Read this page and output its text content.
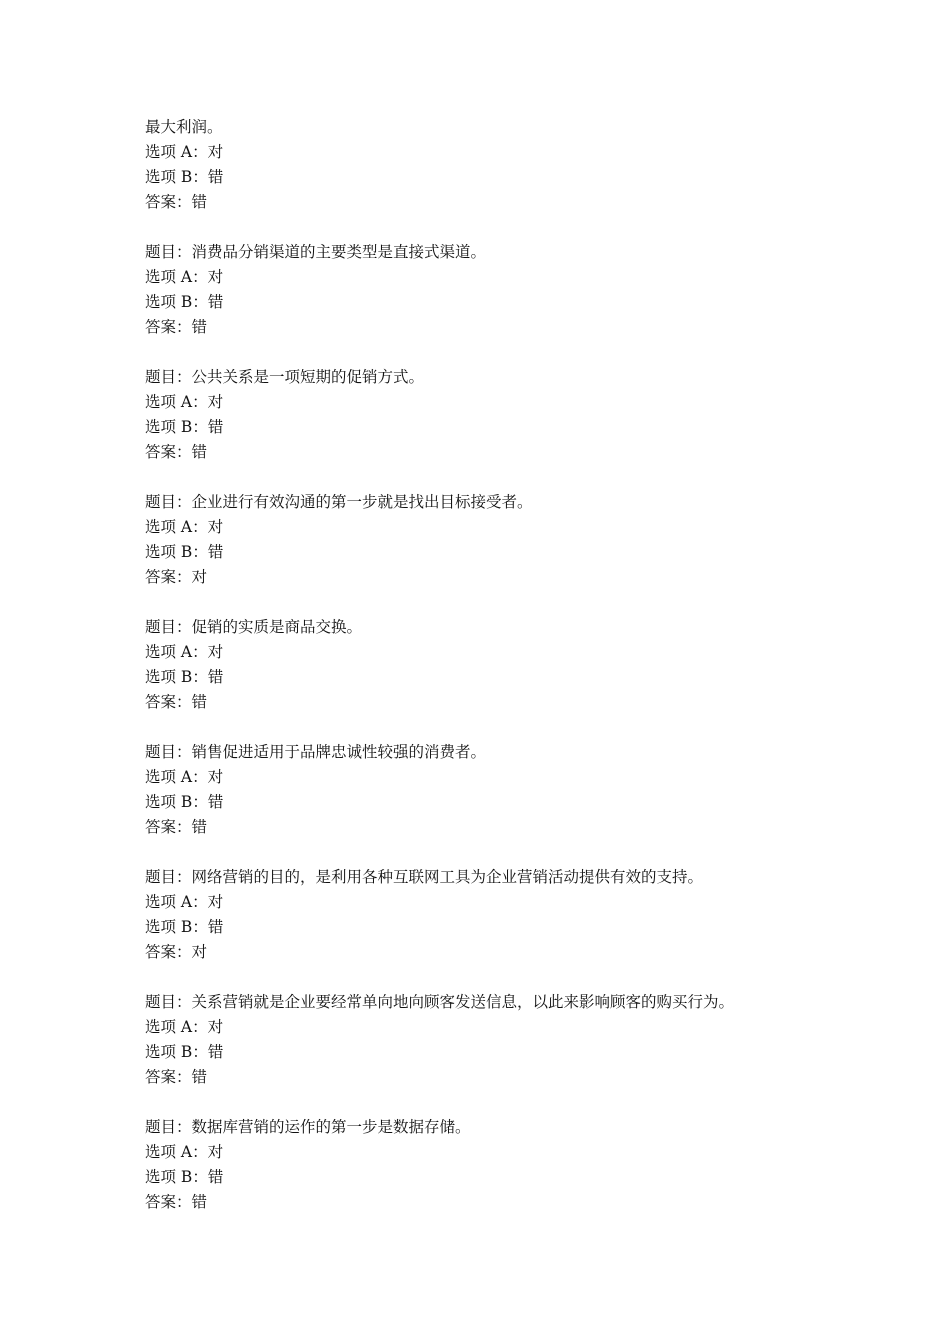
最大利润。
选项 A：对
选项 B：错
答案：错
题目：消费品分销渠道的主要类型是直接式渠道。
选项 A：对
选项 B：错
答案：错
题目：公共关系是一项短期的促销方式。
选项 A：对
选项 B：错
答案：错
题目：企业进行有效沟通的第一步就是找出目标接受者。
选项 A：对
选项 B：错
答案：对
题目：促销的实质是商品交换。
选项 A：对
选项 B：错
答案：错
题目：销售促进适用于品牌忠诚性较强的消费者。
选项 A：对
选项 B：错
答案：错
题目：网络营销的目的，是利用各种互联网工具为企业营销活动提供有效的支持。
选项 A：对
选项 B：错
答案：对
题目：关系营销就是企业要经常单向地向顾客发送信息，以此来影响顾客的购买行为。
选项 A：对
选项 B：错
答案：错
题目：数据库营销的运作的第一步是数据存储。
选项 A：对
选项 B：错
答案：错
